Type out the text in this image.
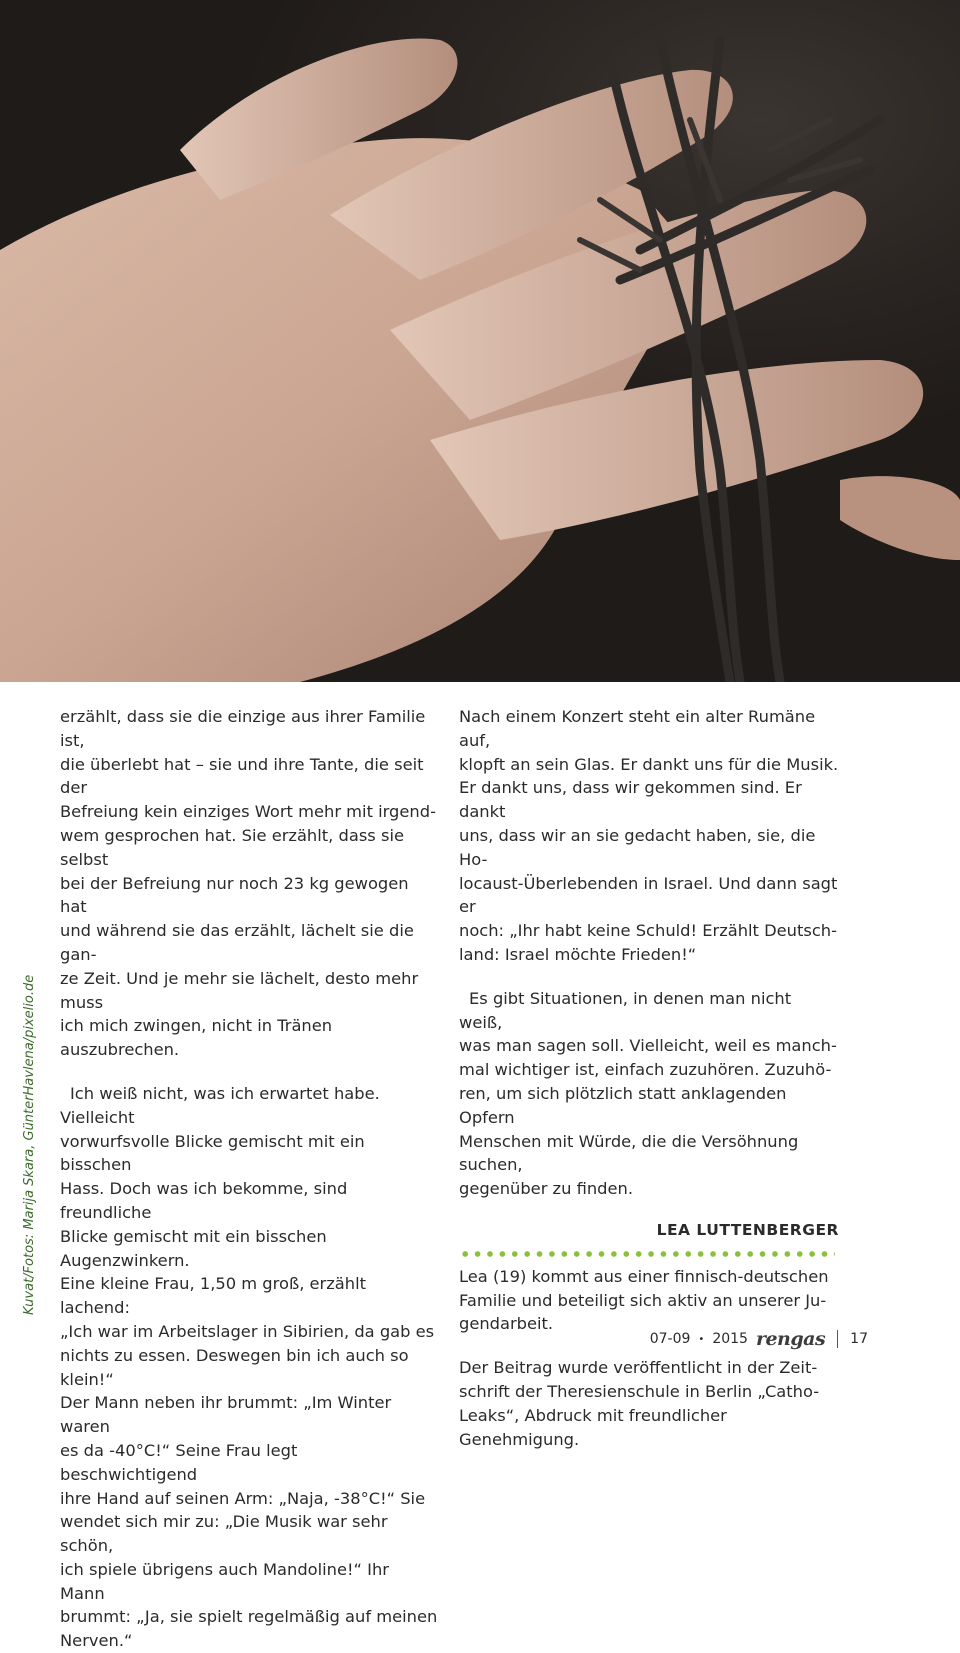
Kuvat/Fotos: Marija Skara, GünterHavlena/pixelio.de

erzählt, dass sie die einzige aus ihrer Familie ist,
die überlebt hat – sie und ihre Tante, die seit der
Befreiung kein einziges Wort mehr mit irgend-
wem gesprochen hat. Sie erzählt, dass sie selbst
bei der Befreiung nur noch 23 kg gewogen hat
und während sie das erzählt, lächelt sie die gan-
ze Zeit. Und je mehr sie lächelt, desto mehr muss
ich mich zwingen, nicht in Tränen auszubrechen.

Ich weiß nicht, was ich erwartet habe. Vielleicht
vorwurfsvolle Blicke gemischt mit ein bisschen
Hass. Doch was ich bekomme, sind freundliche
Blicke gemischt mit ein bisschen Augenzwinkern.
Eine kleine Frau, 1,50 m groß, erzählt lachend:
„Ich war im Arbeitslager in Sibirien, da gab es
nichts zu essen. Deswegen bin ich auch so klein!“
Der Mann neben ihr brummt: „Im Winter waren
es da -40°C!“ Seine Frau legt beschwichtigend
ihre Hand auf seinen Arm: „Naja, -38°C!“ Sie
wendet sich mir zu: „Die Musik war sehr schön,
ich spiele übrigens auch Mandoline!“ Ihr Mann
brummt: „Ja, sie spielt regelmäßig auf meinen
Nerven.“

Nach einem Konzert steht ein alter Rumäne auf,
klopft an sein Glas. Er dankt uns für die Musik.
Er dankt uns, dass wir gekommen sind. Er dankt
uns, dass wir an sie gedacht haben, sie, die Ho-
locaust-Überlebenden in Israel. Und dann sagt er
noch: „Ihr habt keine Schuld! Erzählt Deutsch-
land: Israel möchte Frieden!“

Es gibt Situationen, in denen man nicht weiß,
was man sagen soll. Vielleicht, weil es manch-
mal wichtiger ist, einfach zuzuhören. Zuzuhö-
ren, um sich plötzlich statt anklagenden Opfern
Menschen mit Würde, die die Versöhnung suchen,
gegenüber zu finden.

LEA LUTTENBERGER

Lea (19) kommt aus einer finnisch-deutschen
Familie und beteiligt sich aktiv an unserer Ju-
gendarbeit.

Der Beitrag wurde veröffentlicht in der Zeit-
schrift der Theresienschule in Berlin „Catho-
Leaks“, Abdruck mit freundlicher Genehmigung.

07-09 • 2015 rengas 17
